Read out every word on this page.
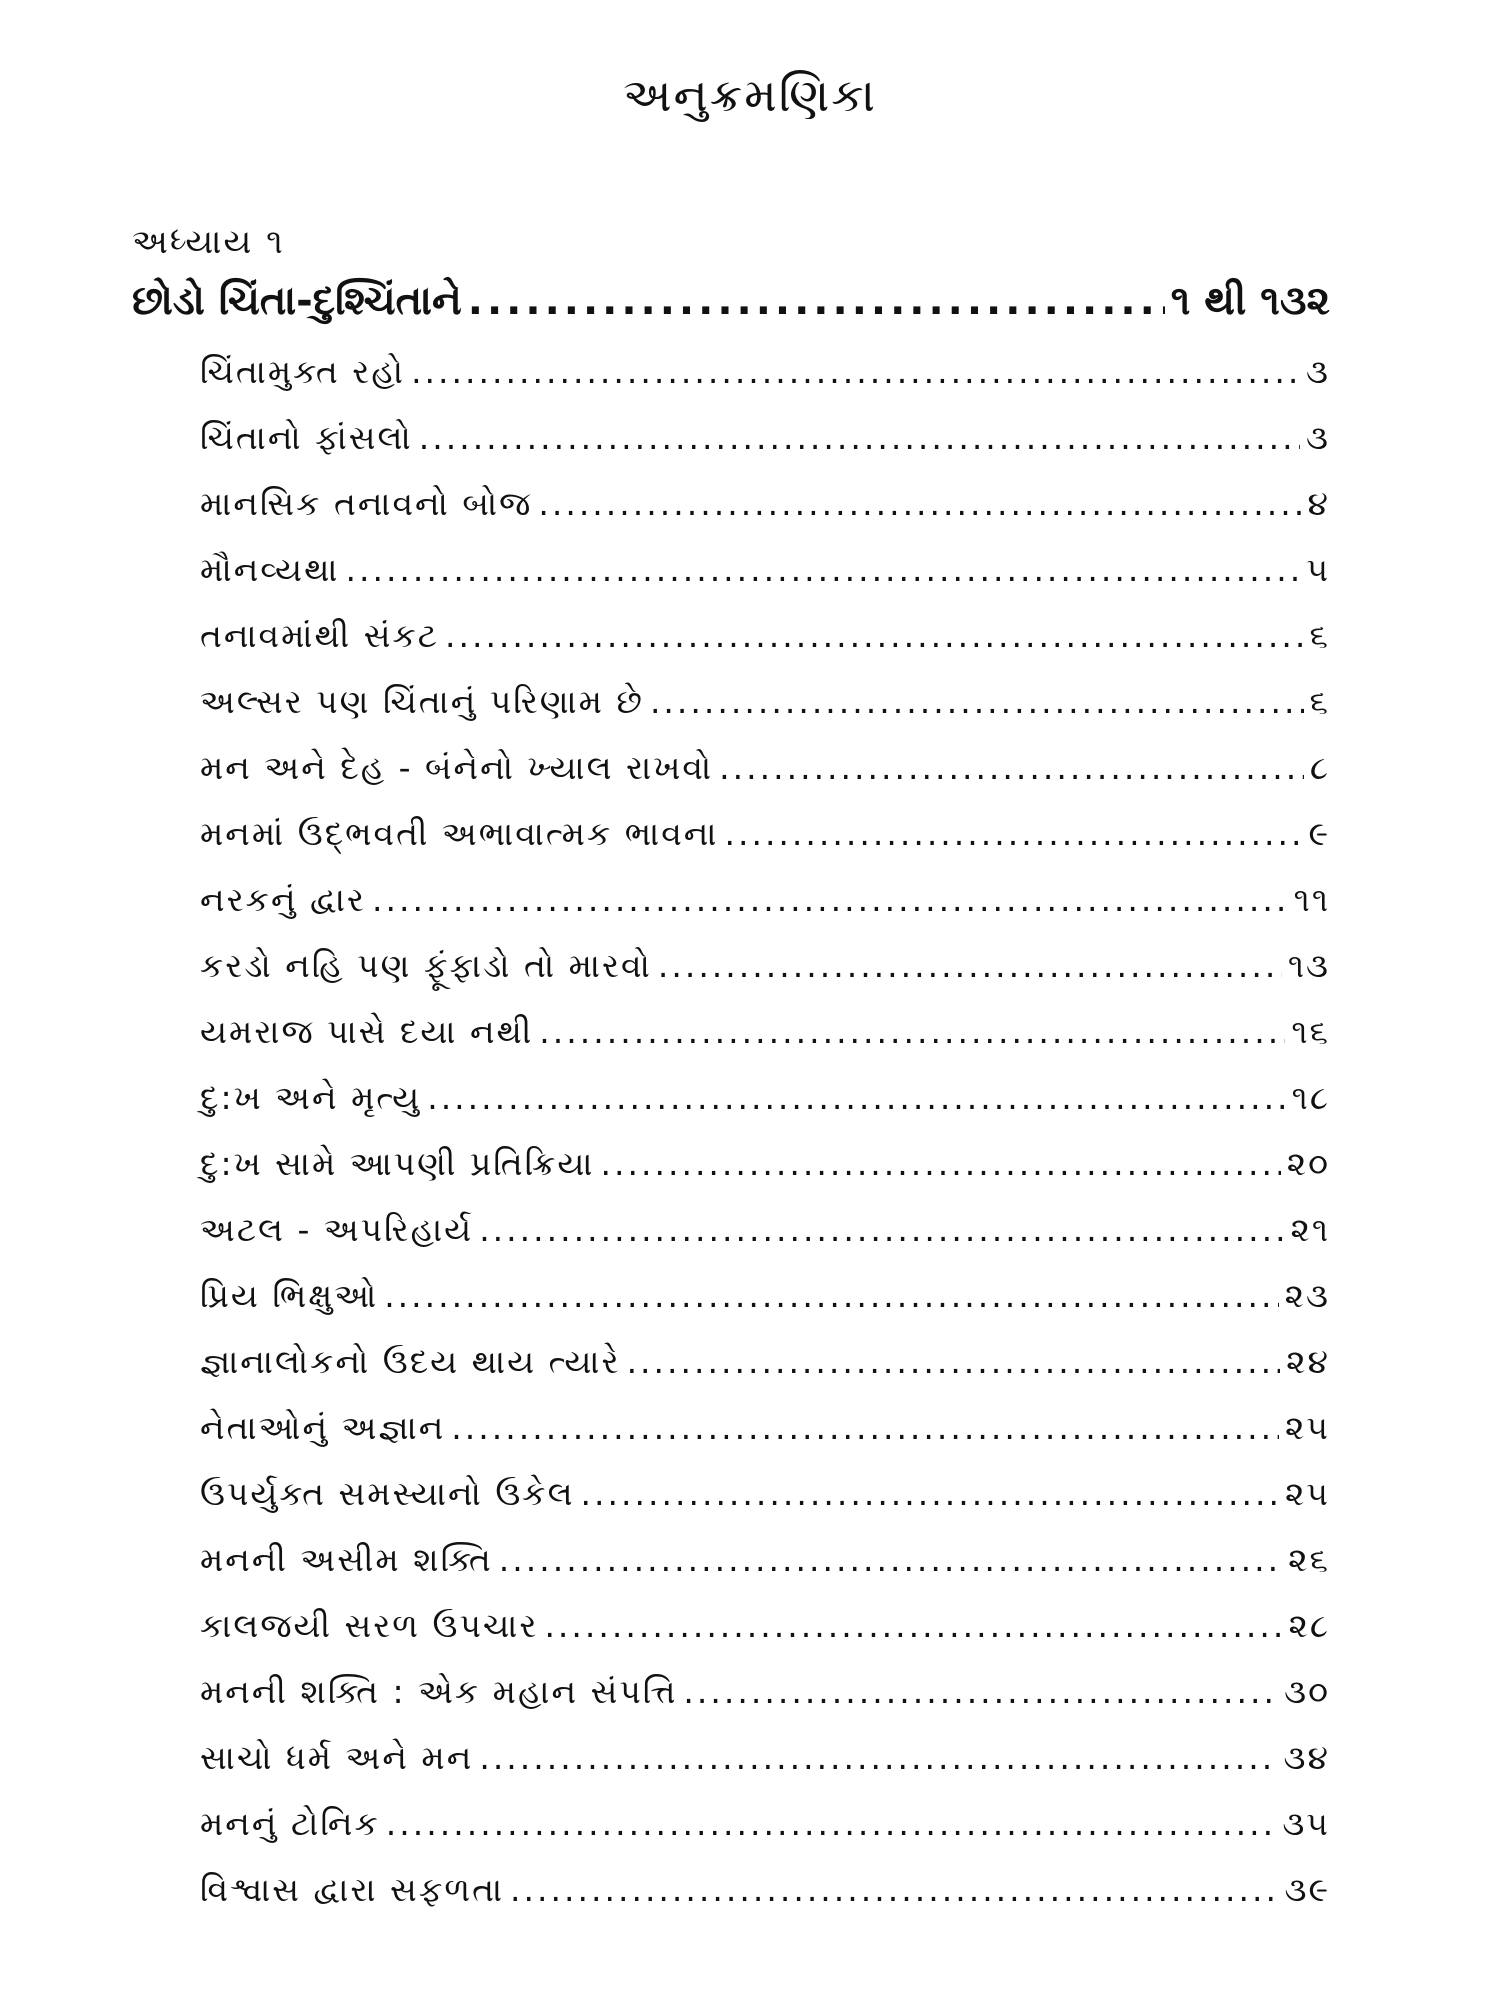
અનુક્રમણિકા
અધ્યાય ૧
છોડો ચિંતા-દુશ્ચિંતાને .....	૧ થી ૧૩૨
ચિંતામુક્ત રહો .....	૩
ચિંતાનો ફાંસલો .....	૩
માનસિક તનાવનો બોજ .....	૪
મૌનવ્યથા .....	૫
તનાવમાંથી સંકટ .....	૬
અલ્સર પણ ચિંતાનું પરિણામ છે .....	૬
મન અને દેહ - બંનેનો ખ્યાલ રાખવો .....	૮
મનમાં ઉદ્‌ભવતી અભાવાત્મક ભાવના .....	૯
નરકનું દ્વાર .....	૧૧
કરડો નહિ પણ ફૂંફાડો તો મારવો .....	૧૩
યમરાજ પાસે દયા નથી .....	૧૬
દુ:ખ અને મૃત્યુ .....	૧૮
દુ:ખ સામે આપણી પ્રતિક્રિયા .....	૨૦
અટલ - અપરિહાર્ય .....	૨૧
પ્રિય ભિક્ષુઓ .....	૨૩
જ્ઞાનાલોકનો ઉદય થાય ત્યારે .....	૨૪
નેતાઓનું અજ્ઞાન .....	૨૫
ઉપર્યુક્ત સમસ્યાનો ઉકેલ .....	૨૫
મનની અસીમ શક્તિ .....	૨૬
કાલજયી સરળ ઉપચાર .....	૨૮
મનની શક્તિ : એક મહાન સંપત્તિ .....	૩૦
સાચો ધર્મ અને મન .....	૩૪
મનનું ટોનિક .....	૩૫
વિશ્વાસ દ્વારા સફળતા .....	૩૯
